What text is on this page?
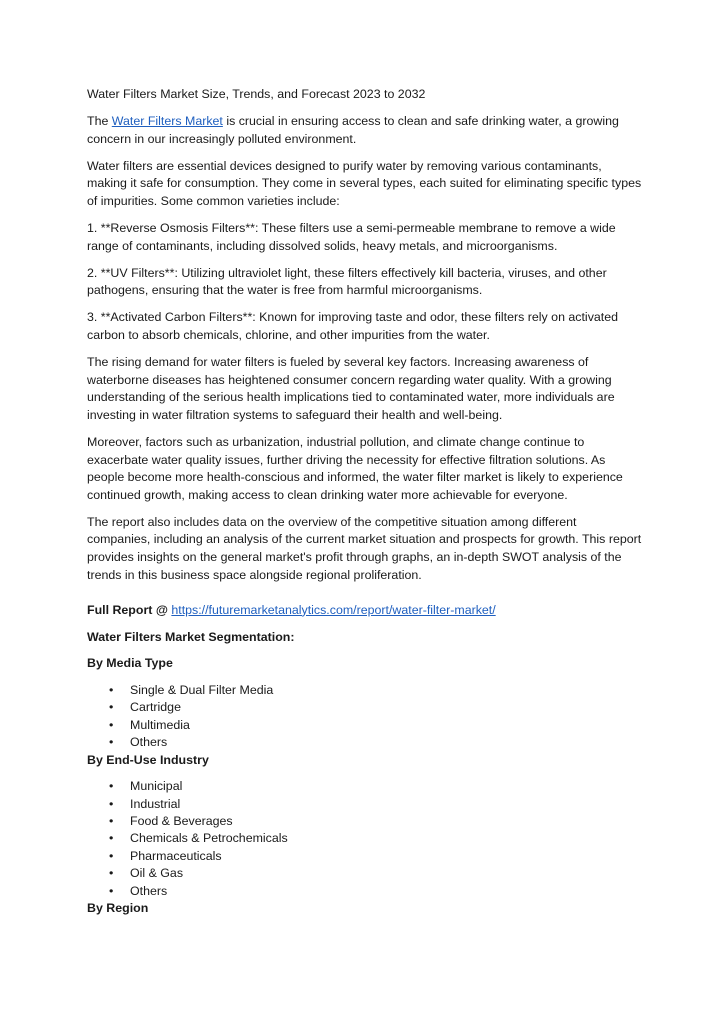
Water Filters Market Size, Trends, and Forecast 2023 to 2032

The Water Filters Market is crucial in ensuring access to clean and safe drinking water, a growing concern in our increasingly polluted environment.

Water filters are essential devices designed to purify water by removing various contaminants, making it safe for consumption. They come in several types, each suited for eliminating specific types of impurities. Some common varieties include:

1. **Reverse Osmosis Filters**: These filters use a semi-permeable membrane to remove a wide range of contaminants, including dissolved solids, heavy metals, and microorganisms.

2. **UV Filters**: Utilizing ultraviolet light, these filters effectively kill bacteria, viruses, and other pathogens, ensuring that the water is free from harmful microorganisms.

3. **Activated Carbon Filters**: Known for improving taste and odor, these filters rely on activated carbon to absorb chemicals, chlorine, and other impurities from the water.

The rising demand for water filters is fueled by several key factors. Increasing awareness of waterborne diseases has heightened consumer concern regarding water quality. With a growing understanding of the serious health implications tied to contaminated water, more individuals are investing in water filtration systems to safeguard their health and well-being.

Moreover, factors such as urbanization, industrial pollution, and climate change continue to exacerbate water quality issues, further driving the necessity for effective filtration solutions. As people become more health-conscious and informed, the water filter market is likely to experience continued growth, making access to clean drinking water more achievable for everyone.

The report also includes data on the overview of the competitive situation among different companies, including an analysis of the current market situation and prospects for growth. This report provides insights on the general market's profit through graphs, an in-depth SWOT analysis of the trends in this business space alongside regional proliferation.

Full Report @ https://futuremarketanalytics.com/report/water-filter-market/

Water Filters Market Segmentation:

By Media Type

• Single & Dual Filter Media
• Cartridge
• Multimedia
• Others

By End-Use Industry

• Municipal
• Industrial
• Food & Beverages
• Chemicals & Petrochemicals
• Pharmaceuticals
• Oil & Gas
• Others

By Region
